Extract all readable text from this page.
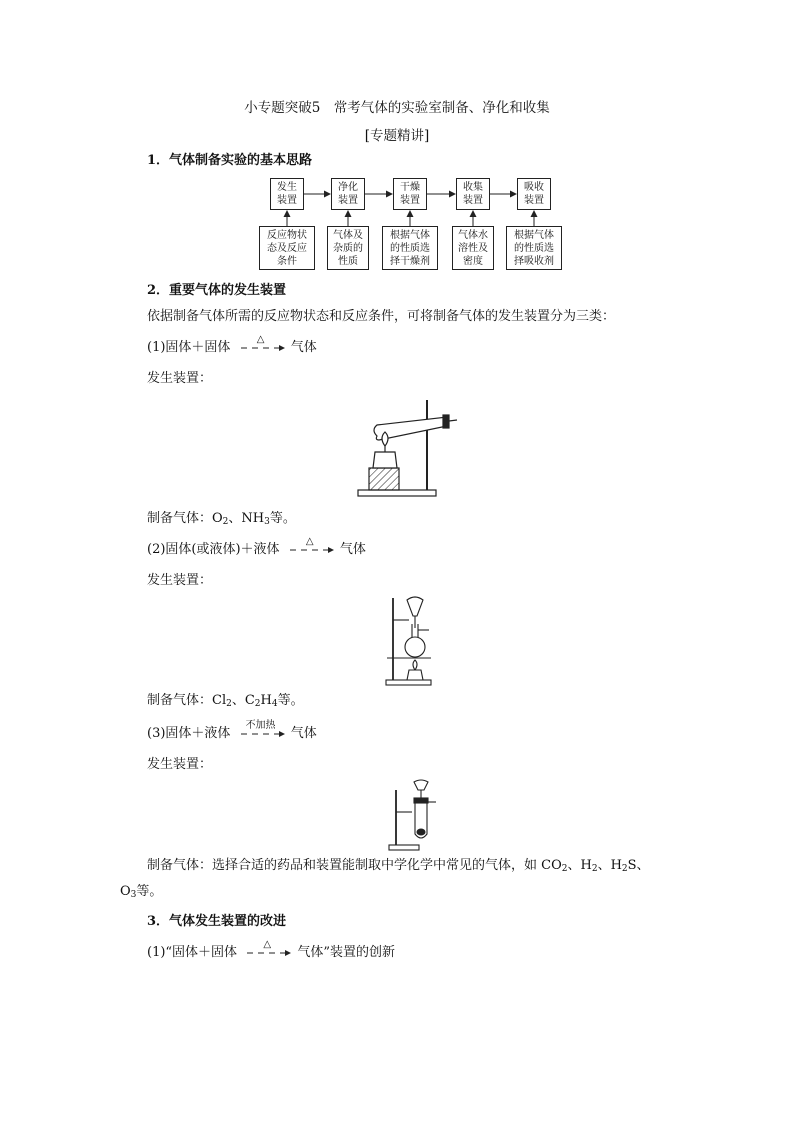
小专题突破5　常考气体的实验室制备、净化和收集
[专题精讲]
1．气体制备实验的基本思路
发生
装置
净化
装置
干燥
装置
收集
装置
吸收
装置
反应物状
态及反应
条件
气体及
杂质的
性质
根据气体
的性质选
择干燥剂
气体水
溶性及
密度
根据气体
的性质选
择吸收剂
2．重要气体的发生装置
依据制备气体所需的反应物状态和反应条件，可将制备气体的发生装置分为三类：
(1)固体＋固体
△
气体
发生装置：
制备气体：$O_2$、$NH_3$等。
(2)固体(或液体)＋液体
△
气体
发生装置：
制备气体：$Cl_2$、$C_2H_4$等。
(3)固体＋液体
不加热
气体
发生装置：
制备气体：选择合适的药品和装置能制取中学化学中常见的气体，如 $CO_2$、$H_2$、$H_2S$、
$O_3$等。
3．气体发生装置的改进
(1)“固体＋固体
△
气体”装置的创新
